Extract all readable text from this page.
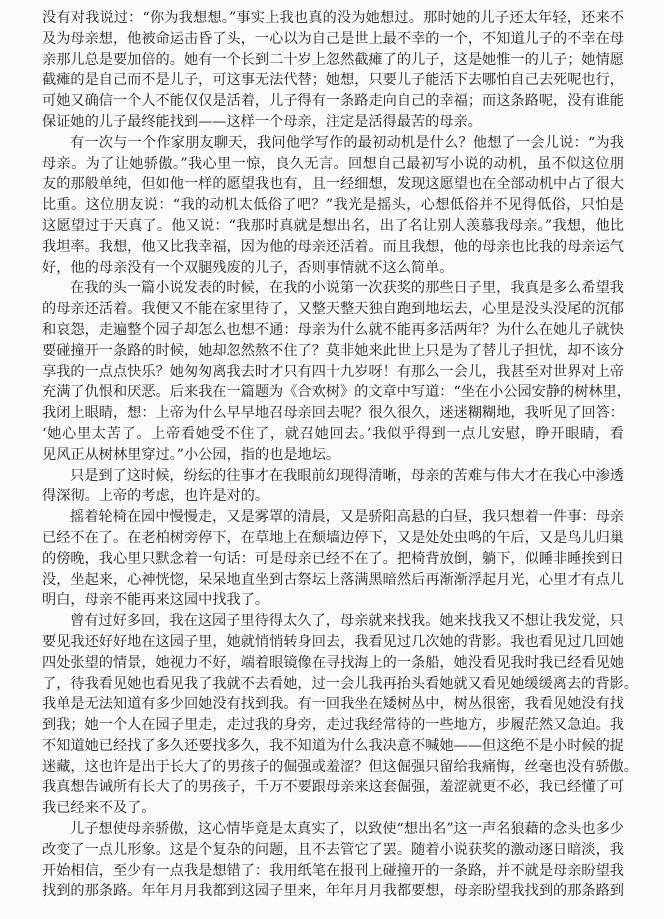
没有对我说过：“你为我想想。”事实上我也真的没为她想过。那时她的儿子还太年轻，还来不
及为母亲想，他被命运击昏了头，一心以为自己是世上最不幸的一个，不知道儿子的不幸在母
亲那儿总是要加倍的。她有一个长到二十岁上忽然截瘫了的儿子，这是她惟一的儿子；她情愿
截瘫的是自己而不是儿子，可这事无法代替；她想，只要儿子能活下去哪怕自己去死呢也行，
可她又确信一个人不能仅仅是活着，儿子得有一条路走向自己的幸福；而这条路呢，没有谁能
保证她的儿子最终能找到——这样一个母亲，注定是活得最苦的母亲。
有一次与一个作家朋友聊天，我问他学写作的最初动机是什么？他想了一会儿说：“为我
母亲。为了让她骄傲。”我心里一惊，良久无言。回想自己最初写小说的动机，虽不似这位朋
友的那般单纯，但如他一样的愿望我也有，且一经细想，发现这愿望也在全部动机中占了很大
比重。这位朋友说：“我的动机太低俗了吧？”我光是摇头，心想低俗并不见得低俗，只怕是
这愿望过于天真了。他又说：“我那时真就是想出名，出了名让别人羡慕我母亲。”我想，他比
我坦率。我想，他又比我幸福，因为他的母亲还活着。而且我想，他的母亲也比我的母亲运气
好，他的母亲没有一个双腿残废的儿子，否则事情就不这么简单。
在我的头一篇小说发表的时候，在我的小说第一次获奖的那些日子里，我真是多么希望我
的母亲还活着。我便又不能在家里待了，又整天整天独自跑到地坛去，心里是没头没尾的沉郁
和哀怨，走遍整个园子却怎么也想不通：母亲为什么就不能再多活两年？为什么在她儿子就快
要碰撞开一条路的时候，她却忽然熬不住了？莫非她来此世上只是为了替儿子担忧，却不该分
享我的一点点快乐？她匆匆离我去时才只有四十九岁呀！有那么一会儿，我甚至对世界对上帝
充满了仇恨和厌恶。后来我在一篇题为《合欢树》的文章中写道：“坐在小公园安静的树林里，
我闭上眼睛，想：上帝为什么早早地召母亲回去呢？很久很久，迷迷糊糊地，我听见了回答：
‘她心里太苦了。上帝看她受不住了，就召她回去。’我似乎得到一点儿安慰，睁开眼睛，看
见风正从树林里穿过。”小公园，指的也是地坛。
只是到了这时候，纷纭的往事才在我眼前幻现得清晰，母亲的苦难与伟大才在我心中渗透
得深彻。上帝的考虑，也许是对的。
摇着轮椅在园中慢慢走，又是雾罩的清晨，又是骄阳高悬的白昼，我只想着一件事：母亲
已经不在了。在老柏树旁停下，在草地上在颓墙边停下，又是处处虫鸣的午后，又是鸟儿归巢
的傍晚，我心里只默念着一句话：可是母亲已经不在了。把椅背放倒，躺下，似睡非睡挨到日
没，坐起来，心神恍惚，呆呆地直坐到古祭坛上落满黑暗然后再渐渐浮起月光，心里才有点儿
明白，母亲不能再来这园中找我了。
曾有过好多回，我在这园子里待得太久了，母亲就来找我。她来找我又不想让我发觉，只
要见我还好好地在这园子里，她就悄悄转身回去，我看见过几次她的背影。我也看见过几回她
四处张望的情景，她视力不好，端着眼镜像在寻找海上的一条船，她没看见我时我已经看见她
了，待我看见她也看见我了我就不去看她，过一会儿我再抬头看她就又看见她缓缓离去的背影。
我单是无法知道有多少回她没有找到我。有一回我坐在矮树丛中，树丛很密，我看见她没有找
到我；她一个人在园子里走，走过我的身旁，走过我经常待的一些地方，步履茫然又急迫。我
不知道她已经找了多久还要找多久，我不知道为什么我决意不喊她——但这绝不是小时候的捉
迷藏，这也许是出于长大了的男孩子的倔强或羞涩？但这倔强只留给我痛悔，丝毫也没有骄傲。
我真想告诫所有长大了的男孩子，千万不要跟母亲来这套倔强，羞涩就更不必，我已经懂了可
我已经来不及了。
儿子想使母亲骄傲，这心情毕竟是太真实了，以致使“想出名”这一声名狼藉的念头也多少
改变了一点儿形象。这是个复杂的问题，且不去管它了罢。随着小说获奖的激动逐日暗淡，我
开始相信，至少有一点我是想错了：我用纸笔在报刊上碰撞开的一条路，并不就是母亲盼望我
找到的那条路。年年月月我都到这园子里来，年年月月我都要想，母亲盼望我找到的那条路到
